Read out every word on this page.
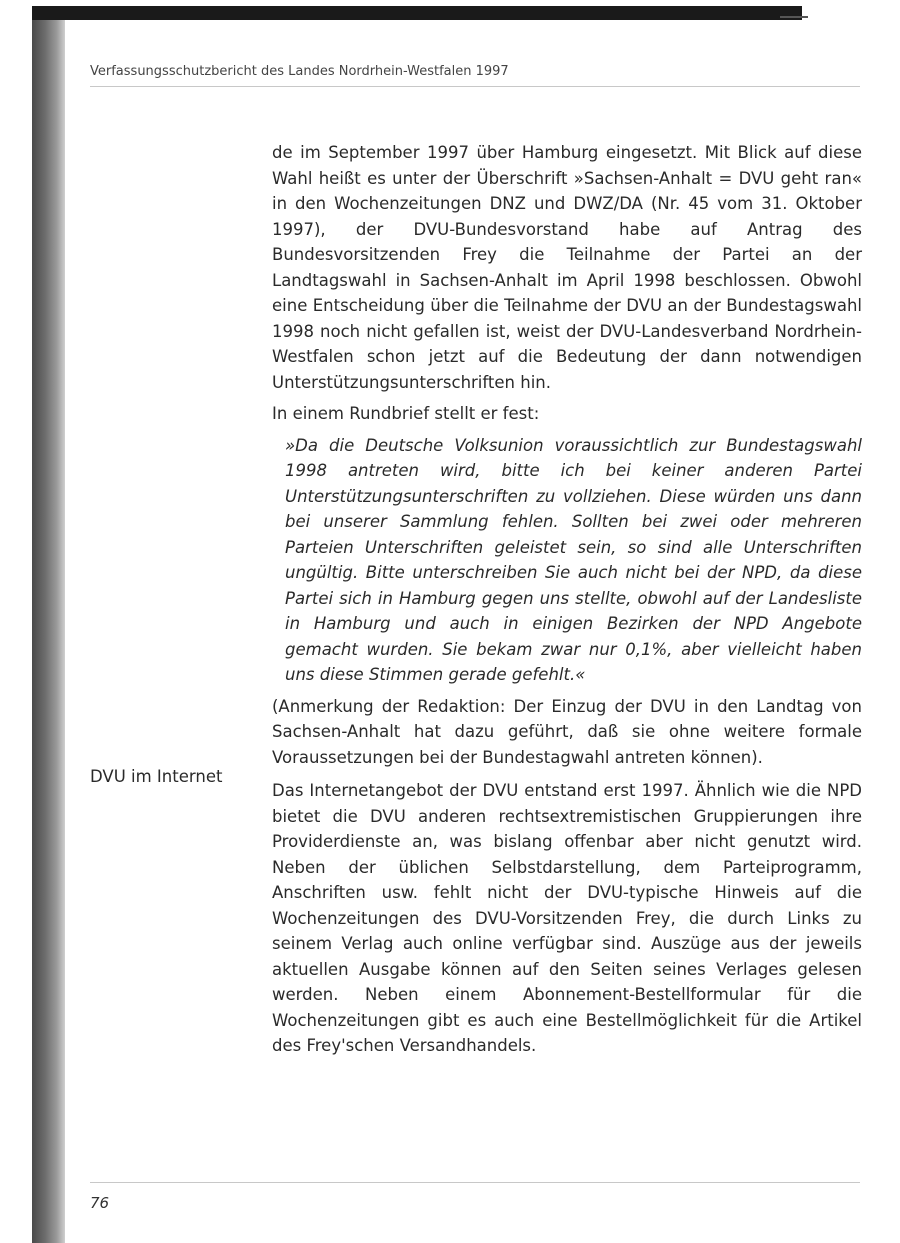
Verfassungsschutzbericht des Landes Nordrhein-Westfalen 1997

de im September 1997 über Hamburg eingesetzt. Mit Blick auf diese Wahl heißt es unter der Überschrift »Sachsen-Anhalt = DVU geht ran« in den Wochenzeitungen DNZ und DWZ/DA (Nr. 45 vom 31. Oktober 1997), der DVU-Bundesvorstand habe auf Antrag des Bundesvorsitzenden Frey die Teilnahme der Partei an der Landtagswahl in Sachsen-Anhalt im April 1998 beschlossen. Obwohl eine Entscheidung über die Teilnahme der DVU an der Bundestagswahl 1998 noch nicht gefallen ist, weist der DVU-Landesverband Nordrhein-Westfalen schon jetzt auf die Bedeutung der dann notwendigen Unterstützungsunterschriften hin.

In einem Rundbrief stellt er fest:

»Da die Deutsche Volksunion voraussichtlich zur Bundestagswahl 1998 antreten wird, bitte ich bei keiner anderen Partei Unterstützungsunterschriften zu vollziehen. Diese würden uns dann bei unserer Sammlung fehlen. Sollten bei zwei oder mehreren Parteien Unterschriften geleistet sein, so sind alle Unterschriften ungültig. Bitte unterschreiben Sie auch nicht bei der NPD, da diese Partei sich in Hamburg gegen uns stellte, obwohl auf der Landesliste in Hamburg und auch in einigen Bezirken der NPD Angebote gemacht wurden. Sie bekam zwar nur 0,1%, aber vielleicht haben uns diese Stimmen gerade gefehlt.«

(Anmerkung der Redaktion: Der Einzug der DVU in den Landtag von Sachsen-Anhalt hat dazu geführt, daß sie ohne weitere formale Voraussetzungen bei der Bundestagwahl antreten können).

Das Internetangebot der DVU entstand erst 1997. Ähnlich wie die NPD bietet die DVU anderen rechtsextremistischen Gruppierungen ihre Providerdienste an, was bislang offenbar aber nicht genutzt wird. Neben der üblichen Selbstdarstellung, dem Parteiprogramm, Anschriften usw. fehlt nicht der DVU-typische Hinweis auf die Wochenzeitungen des DVU-Vorsitzenden Frey, die durch Links zu seinem Verlag auch online verfügbar sind. Auszüge aus der jeweils aktuellen Ausgabe können auf den Seiten seines Verlages gelesen werden. Neben einem Abonnement-Bestellformular für die Wochenzeitungen gibt es auch eine Bestellmöglichkeit für die Artikel des Frey'schen Versandhandels.

DVU im Internet
76
